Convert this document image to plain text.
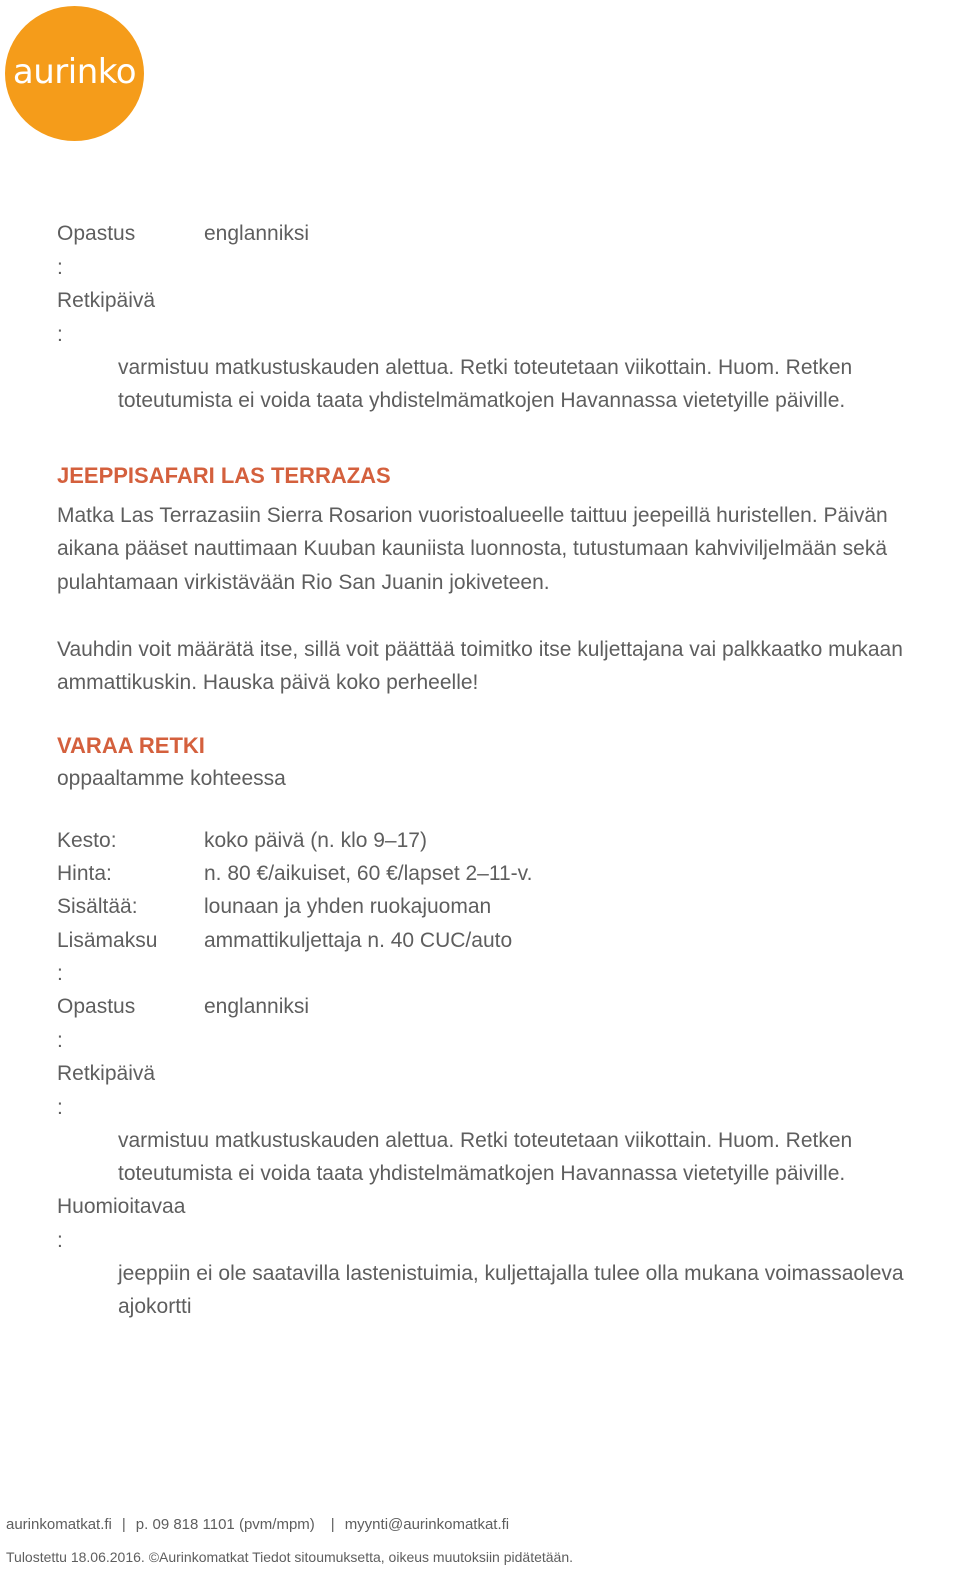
aurinko
Opastus	englanniksi
:
Retkipäivä
:
varmistuu matkustuskauden alettua. Retki toteutetaan viikottain. Huom. Retken
toteutumista ei voida taata yhdistelmämatkojen Havannassa vietetyille päiville.
JEEPPISAFARI LAS TERRAZAS
Matka Las Terrazasiin Sierra Rosarion vuoristoalueelle taittuu jeepeillä huristellen. Päivän
aikana pääset nauttimaan Kuuban kauniista luonnosta, tutustumaan kahviviljelmään sekä
pulahtamaan virkistävään Rio San Juanin jokiveteen.
Vauhdin voit määrätä itse, sillä voit päättää toimitko itse kuljettajana vai palkkaatko mukaan
ammattikuskin. Hauska päivä koko perheelle!
VARAA RETKI
oppaaltamme kohteessa
Kesto:	koko päivä (n. klo 9–17)
Hinta:	n. 80 €/aikuiset, 60 €/lapset 2–11-v.
Sisältää:	lounaan ja yhden ruokajuoman
Lisämaksu ammattikuljettaja n. 40 CUC/auto
:
Opastus	englanniksi
:
Retkipäivä
:
varmistuu matkustuskauden alettua. Retki toteutetaan viikottain. Huom. Retken
toteutumista ei voida taata yhdistelmämatkojen Havannassa vietetyille päiville.
Huomioitavaa
:
jeeppiin ei ole saatavilla lastenistuimia, kuljettajalla tulee olla mukana voimassaoleva
ajokortti
aurinkomatkat.fi | p. 09 818 1101 (pvm/mpm) | myynti@aurinkomatkat.fi
Tulostettu 18.06.2016. ©Aurinkomatkat Tiedot sitoumuksetta, oikeus muutoksiin pidätetään.
